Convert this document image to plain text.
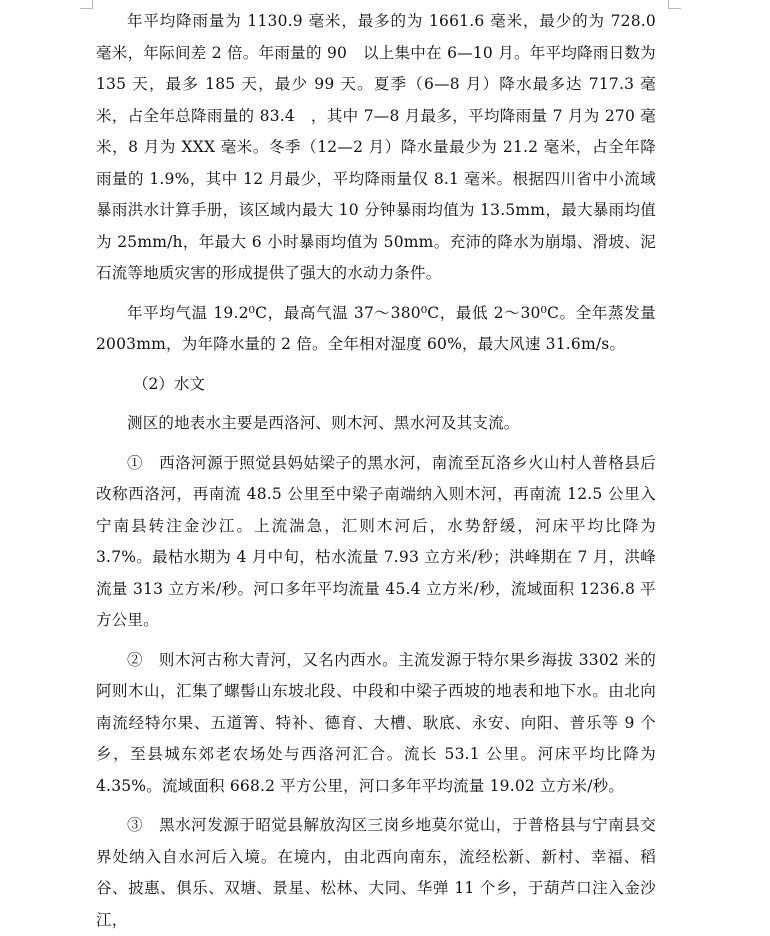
年平均降雨量为 1130.9 毫米，最多的为 1661.6 毫米，最少的为 728.0 毫米，年际间差 2 倍。年雨量的 90　以上集中在 6—10 月。年平均降雨日数为 135 天，最多 185 天，最少 99 天。夏季（6—8 月）降水最多达 717.3 毫米，占全年总降雨量的 83.4　，其中 7—8 月最多，平均降雨量 7 月为 270 毫米，8 月为 XXX 毫米。冬季（12—2 月）降水量最少为 21.2 毫米，占全年降雨量的 1.9%，其中 12 月最少，平均降雨量仅 8.1 毫米。根据四川省中小流域暴雨洪水计算手册，该区域内最大 10 分钟暴雨均值为 13.5mm，最大暴雨均值为 25mm/h，年最大 6 小时暴雨均值为 50mm。充沛的降水为崩塌、滑坡、泥石流等地质灾害的形成提供了强大的水动力条件。

年平均气温 19.2⁰C，最高气温 37～380⁰C，最低 2～30⁰C。全年蒸发量 2003mm，为年降水量的 2 倍。全年相对湿度 60%，最大风速 31.6m/s。

（2）水文

测区的地表水主要是西洛河、则木河、黑水河及其支流。

①　西洛河源于照觉县妈姑梁子的黑水河，南流至瓦洛乡火山村人普格县后改称西洛河，再南流 48.5 公里至中梁子南端纳入则木河，再南流 12.5 公里入宁南县转注金沙江。上流湍急，汇则木河后，水势舒缓，河床平均比降为 3.7%。最枯水期为 4 月中旬，枯水流量 7.93 立方米/秒；洪峰期在 7 月，洪峰流量 313 立方米/秒。河口多年平均流量 45.4 立方米/秒，流域面积 1236.8 平方公里。

②　则木河古称大青河，又名内西水。主流发源于特尔果乡海拔 3302 米的阿则木山，汇集了螺髻山东坡北段、中段和中梁子西坡的地表和地下水。由北向南流经特尔果、五道箐、特补、德育、大槽、耿底、永安、向阳、普乐等 9 个乡，至县城东郊老农场处与西洛河汇合。流长 53.1 公里。河床平均比降为 4.35%。流域面积 668.2 平方公里，河口多年平均流量 19.02 立方米/秒。

③　黑水河发源于昭觉县解放沟区三岗乡地莫尔觉山，于普格县与宁南县交界处纳入自水河后入境。在境内，由北西向南东，流经松新、新村、幸福、稻谷、披惠、俱乐、双塘、景星、松林、大同、华弹 11 个乡，于葫芦口注入金沙江，
